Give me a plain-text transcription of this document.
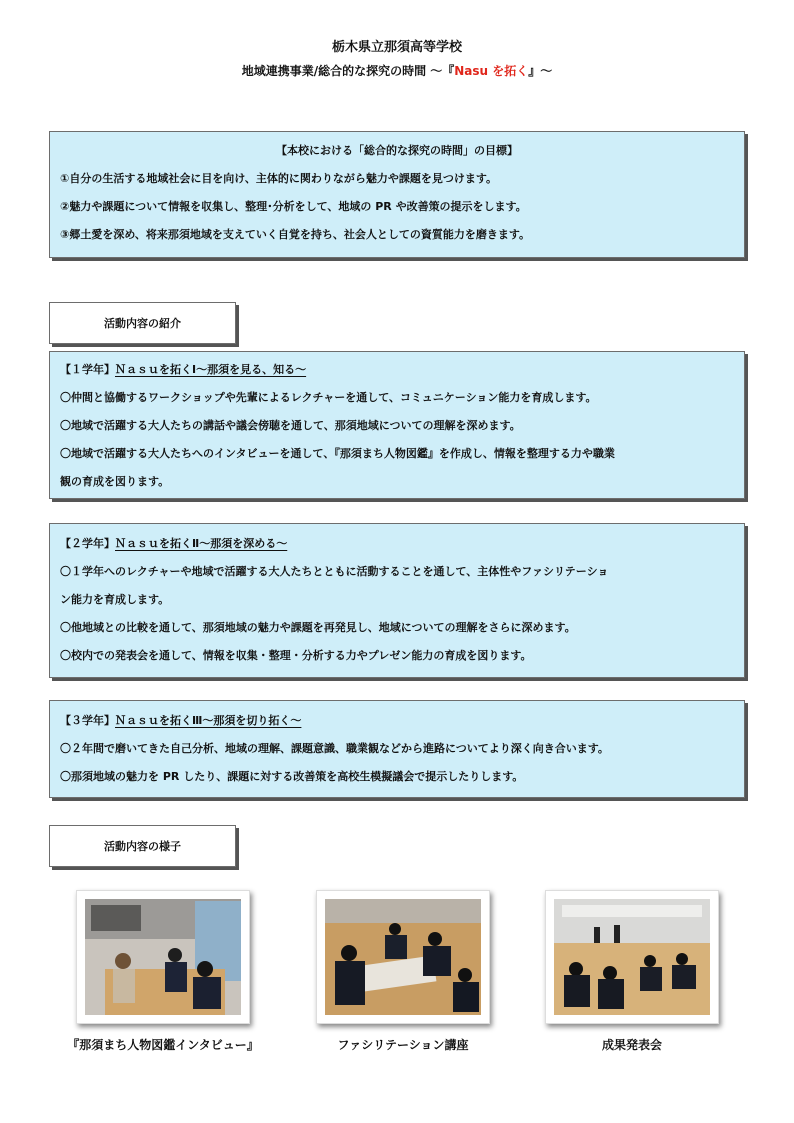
栃木県立那須高等学校
地域連携事業/総合的な探究の時間 ～『Nasu を拓く』～
【本校における「総合的な探究の時間」の目標】
①自分の生活する地域社会に目を向け、主体的に関わりながら魅力や課題を見つけます。
②魅力や課題について情報を収集し、整理･分析をして、地域の PR や改善策の提示をします。
③郷土愛を深め、将来那須地域を支えていく自覚を持ち、社会人としての資質能力を磨きます。
活動内容の紹介
【１学年】Ｎａｓｕを拓くⅠ～那須を見る、知る～
〇仲間と協働するワークショップや先輩によるレクチャーを通して、コミュニケーション能力を育成します。
〇地域で活躍する大人たちの講話や議会傍聴を通して、那須地域についての理解を深めます。
〇地域で活躍する大人たちへのインタビューを通して、『那須まち人物図鑑』を作成し、情報を整理する力や職業
観の育成を図ります。
【２学年】Ｎａｓｕを拓くⅡ～那須を深める～
〇１学年へのレクチャーや地域で活躍する大人たちとともに活動することを通して、主体性やファシリテーショ
ン能力を育成します。
〇他地域との比較を通して、那須地域の魅力や課題を再発見し、地域についての理解をさらに深めます。
〇校内での発表会を通して、情報を収集・整理・分析する力やプレゼン能力の育成を図ります。
【３学年】Ｎａｓｕを拓くⅢ～那須を切り拓く～
〇２年間で磨いてきた自己分析、地域の理解、課題意識、職業観などから進路についてより深く向き合います。
〇那須地域の魅力を PR したり、課題に対する改善策を高校生模擬議会で提示したりします。
活動内容の様子
『那須まち人物図鑑インタビュー』	ファシリテーション講座	成果発表会
